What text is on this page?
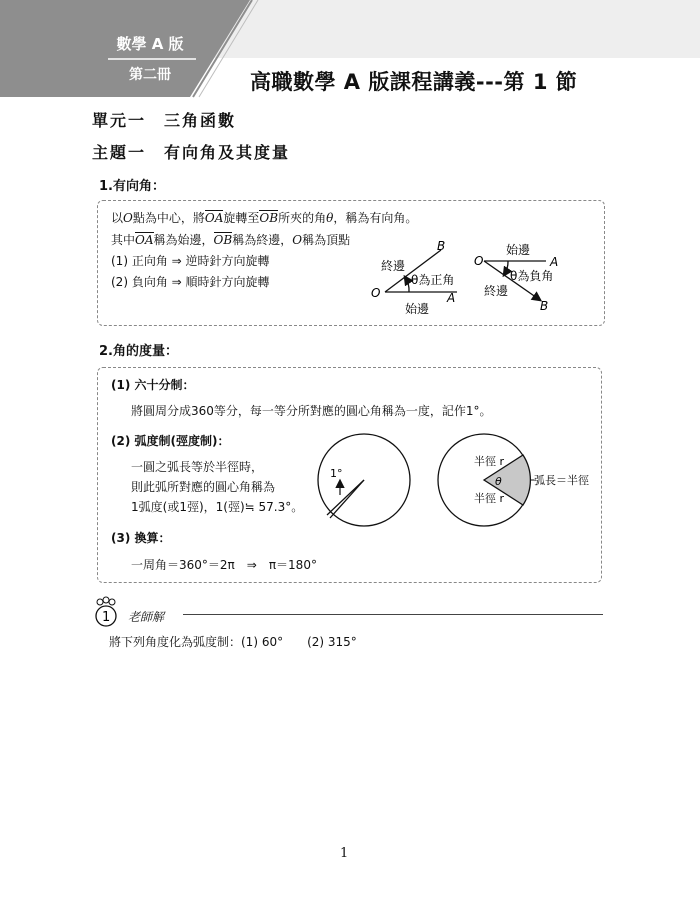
數學 A 版
第二冊	高職數學 A 版課程講義---第 1 節
單元一　三角函數
主題一　有向角及其度量
1.有向角：
以O點為中心，將OA旋轉至OB所夾的角θ，稱為有向角。
其中OA稱為始邊，OB稱為終邊，O稱為頂點
(1) 正向角 ⇒ 逆時針方向旋轉
(2) 負向角 ⇒ 順時針方向旋轉
終邊
始邊
θ為正角
O	A
B	始邊
終邊
θ為負角
O	A
B
2.角的度量：
(1) 六十分制：
將圓周分成360等分，每一等分所對應的圓心角稱為一度，記作1°。
(2) 弧度制(弳度制)：
一圓之弧長等於半徑時，
則此弧所對應的圓心角稱為
1弧度(或1弳)，1(弳)≒ 57.3°。
1°
半徑 r
θ
半徑 r
弧長＝半徑
(3) 換算：
一周角＝360°＝2π　⇒　π＝180°
1 老師解
將下列角度化為弧度制：(1) 60°　　(2) 315°
1
